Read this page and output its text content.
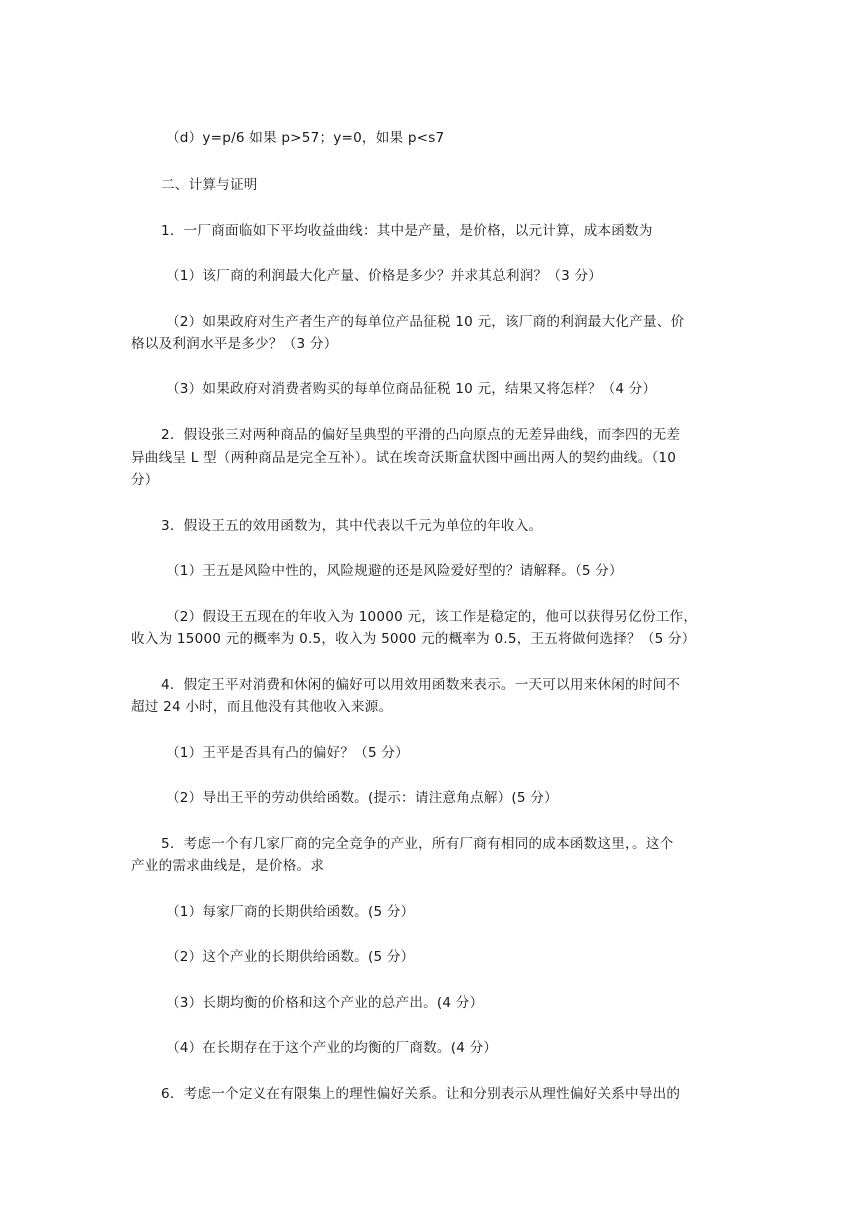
（d）y=p/6 如果 p>57；y=0，如果 p<s7
二、计算与证明
1．一厂商面临如下平均收益曲线：其中是产量，是价格，以元计算，成本函数为
（1）该厂商的利润最大化产量、价格是多少？并求其总利润？（3 分）
（2）如果政府对生产者生产的每单位产品征税 10 元，该厂商的利润最大化产量、价
格以及利润水平是多少？（3 分）
（3）如果政府对消费者购买的每单位商品征税 10 元，结果又将怎样？（4 分）
2．假设张三对两种商品的偏好呈典型的平滑的凸向原点的无差异曲线，而李四的无差
异曲线呈 L 型（两种商品是完全互补）。试在埃奇沃斯盒状图中画出两人的契约曲线。（10
分）
3．假设王五的效用函数为，其中代表以千元为单位的年收入。
（1）王五是风险中性的，风险规避的还是风险爱好型的？请解释。（5 分）
（2）假设王五现在的年收入为 10000 元，该工作是稳定的，他可以获得另亿份工作，
收入为 15000 元的概率为 0.5，收入为 5000 元的概率为 0.5，王五将做何选择？（5 分）
4．假定王平对消费和休闲的偏好可以用效用函数来表示。一天可以用来休闲的时间不
超过 24 小时，而且他没有其他收入来源。
（1）王平是否具有凸的偏好？（5 分）
（2）导出王平的劳动供给函数。(提示：请注意角点解）(5 分）
5．考虑一个有几家厂商的完全竞争的产业，所有厂商有相同的成本函数这里，。这个
产业的需求曲线是，是价格。求
（1）每家厂商的长期供给函数。(5 分）
（2）这个产业的长期供给函数。(5 分）
（3）长期均衡的价格和这个产业的总产出。(4 分）
（4）在长期存在于这个产业的均衡的厂商数。(4 分）
6．考虑一个定义在有限集上的理性偏好关系。让和分别表示从理性偏好关系中导出的
